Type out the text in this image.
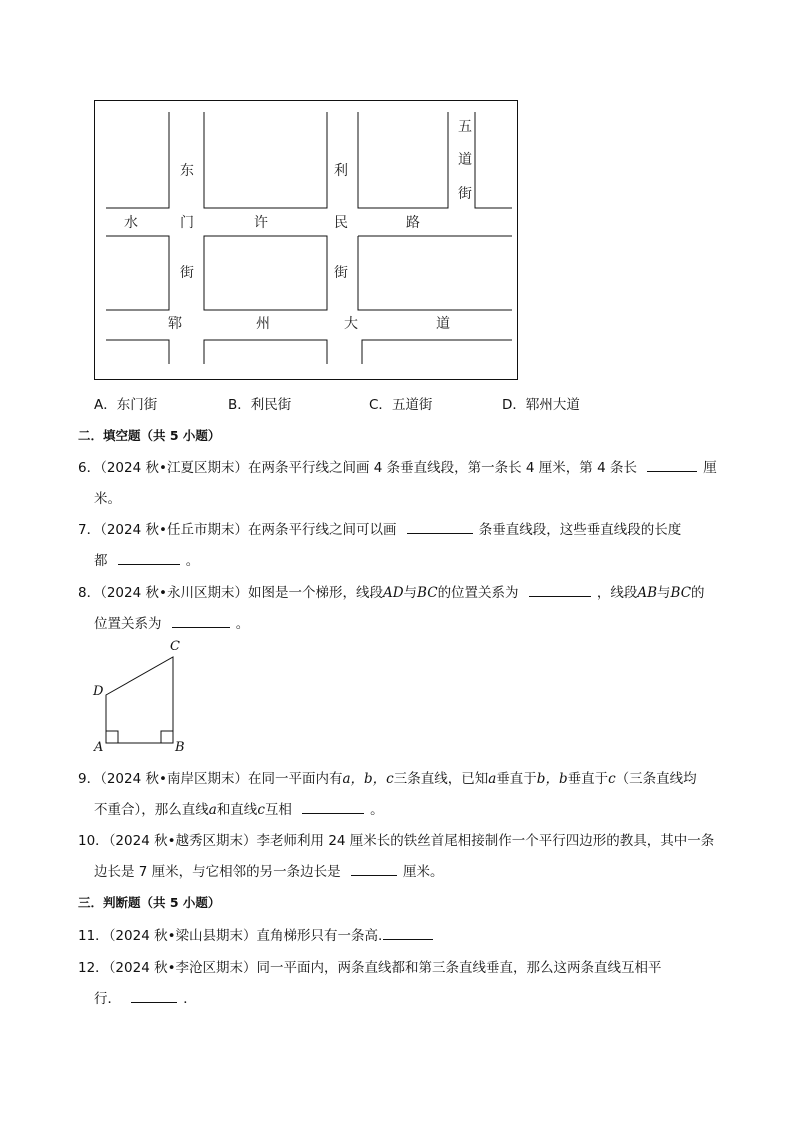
水	门	许	民	路
郓	州	大	道
东
街
利
街
五
道
街
A．东门街	B．利民街	C．五道街	D．郓州大道
二．填空题（共 5 小题）
6．（2024 秋•江夏区期末）在两条平行线之间画 4 条垂直线段，第一条长 4 厘米，第 4 条长	厘
米。
7．（2024 秋•任丘市期末）在两条平行线之间可以画	条垂直线段，这些垂直线段的长度
都	。
8．（2024 秋•永川区期末）如图是一个梯形，线段AD与BC的位置关系为	，线段AB与BC的
位置关系为	。
C
D
A	B
9．（2024 秋•南岸区期末）在同一平面内有a，b，c三条直线，已知a垂直于b，b垂直于c（三条直线均
不重合），那么直线a和直线c互相	。
10．（2024 秋•越秀区期末）李老师利用 24 厘米长的铁丝首尾相接制作一个平行四边形的教具，其中一条
边长是 7 厘米，与它相邻的另一条边长是	厘米。
三．判断题（共 5 小题）
11．（2024 秋•梁山县期末）直角梯形只有一条高.
12．（2024 秋•李沧区期末）同一平面内，两条直线都和第三条直线垂直，那么这两条直线互相平
行．	．
